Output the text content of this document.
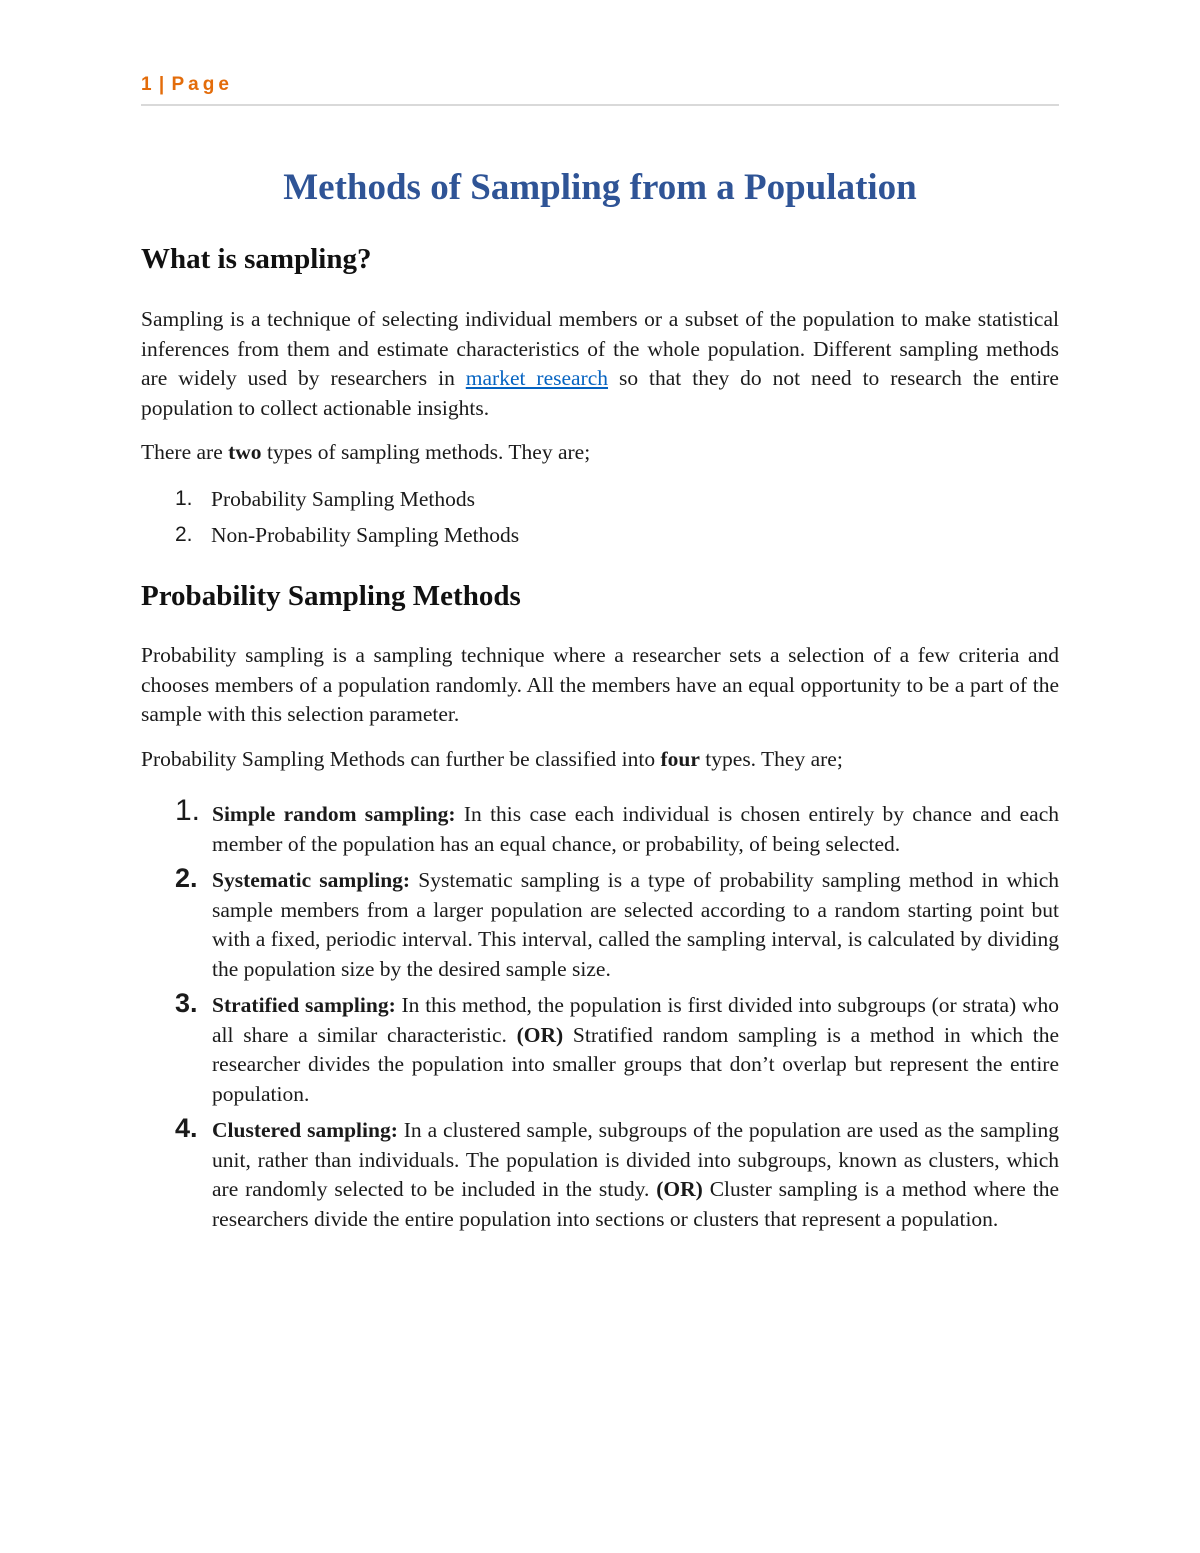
1 | Page
Methods of Sampling from a Population
What is sampling?

Sampling is a technique of selecting individual members or a subset of the population to make statistical inferences from them and estimate characteristics of the whole population. Different sampling methods are widely used by researchers in market research so that they do not need to research the entire population to collect actionable insights.

There are two types of sampling methods. They are;

1. Probability Sampling Methods
2. Non-Probability Sampling Methods
Probability Sampling Methods

Probability sampling is a sampling technique where a researcher sets a selection of a few criteria and chooses members of a population randomly. All the members have an equal opportunity to be a part of the sample with this selection parameter.

Probability Sampling Methods can further be classified into four types. They are;

1. Simple random sampling: In this case each individual is chosen entirely by chance and each member of the population has an equal chance, or probability, of being selected.
2. Systematic sampling: Systematic sampling is a type of probability sampling method in which sample members from a larger population are selected according to a random starting point but with a fixed, periodic interval. This interval, called the sampling interval, is calculated by dividing the population size by the desired sample size.
3. Stratified sampling: In this method, the population is first divided into subgroups (or strata) who all share a similar characteristic. (OR) Stratified random sampling is a method in which the researcher divides the population into smaller groups that don’t overlap but represent the entire population.
4. Clustered sampling: In a clustered sample, subgroups of the population are used as the sampling unit, rather than individuals. The population is divided into subgroups, known as clusters, which are randomly selected to be included in the study. (OR) Cluster sampling is a method where the researchers divide the entire population into sections or clusters that represent a population.
